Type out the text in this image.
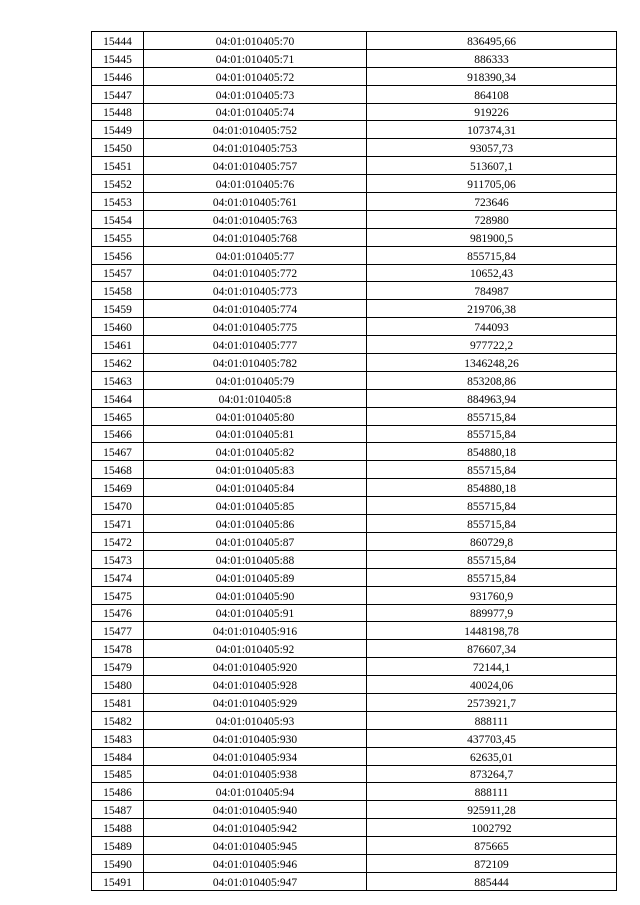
15444	04:01:010405:70	836495,66
15445	04:01:010405:71	886333
15446	04:01:010405:72	918390,34
15447	04:01:010405:73	864108
15448	04:01:010405:74	919226
15449	04:01:010405:752	107374,31
15450	04:01:010405:753	93057,73
15451	04:01:010405:757	513607,1
15452	04:01:010405:76	911705,06
15453	04:01:010405:761	723646
15454	04:01:010405:763	728980
15455	04:01:010405:768	981900,5
15456	04:01:010405:77	855715,84
15457	04:01:010405:772	10652,43
15458	04:01:010405:773	784987
15459	04:01:010405:774	219706,38
15460	04:01:010405:775	744093
15461	04:01:010405:777	977722,2
15462	04:01:010405:782	1346248,26
15463	04:01:010405:79	853208,86
15464	04:01:010405:8	884963,94
15465	04:01:010405:80	855715,84
15466	04:01:010405:81	855715,84
15467	04:01:010405:82	854880,18
15468	04:01:010405:83	855715,84
15469	04:01:010405:84	854880,18
15470	04:01:010405:85	855715,84
15471	04:01:010405:86	855715,84
15472	04:01:010405:87	860729,8
15473	04:01:010405:88	855715,84
15474	04:01:010405:89	855715,84
15475	04:01:010405:90	931760,9
15476	04:01:010405:91	889977,9
15477	04:01:010405:916	1448198,78
15478	04:01:010405:92	876607,34
15479	04:01:010405:920	72144,1
15480	04:01:010405:928	40024,06
15481	04:01:010405:929	2573921,7
15482	04:01:010405:93	888111
15483	04:01:010405:930	437703,45
15484	04:01:010405:934	62635,01
15485	04:01:010405:938	873264,7
15486	04:01:010405:94	888111
15487	04:01:010405:940	925911,28
15488	04:01:010405:942	1002792
15489	04:01:010405:945	875665
15490	04:01:010405:946	872109
15491	04:01:010405:947	885444
